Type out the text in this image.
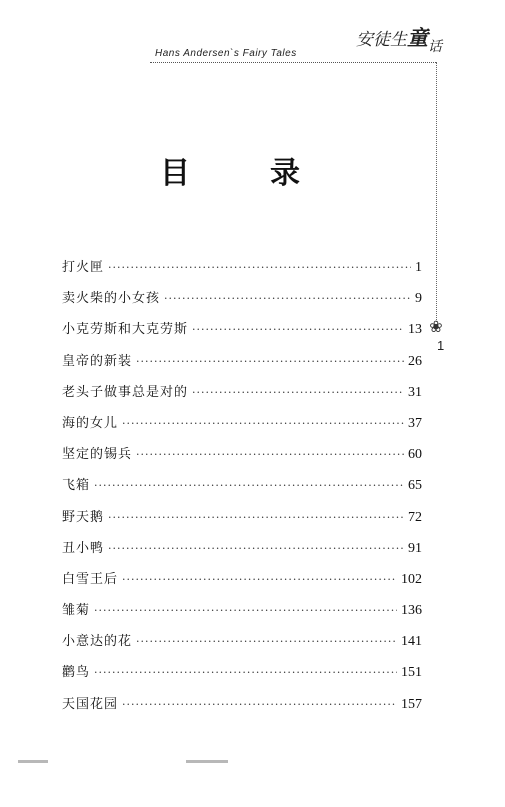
安徒生童$_话$
Hans Andersen`s Fairy Tales
❀
1
目	录
打火匣 ·····	1
卖火柴的小女孩 ·····	9
小克劳斯和大克劳斯 ·····	13
皇帝的新装 ·····	26
老头子做事总是对的 ·····	31
海的女儿 ·····	37
坚定的锡兵 ·····	60
飞箱 ·····	65
野天鹅 ·····	72
丑小鸭 ·····	91
白雪王后 ·····	102
雏菊 ·····	136
小意达的花 ·····	141
鹳鸟 ·····	151
天国花园 ·····	157
